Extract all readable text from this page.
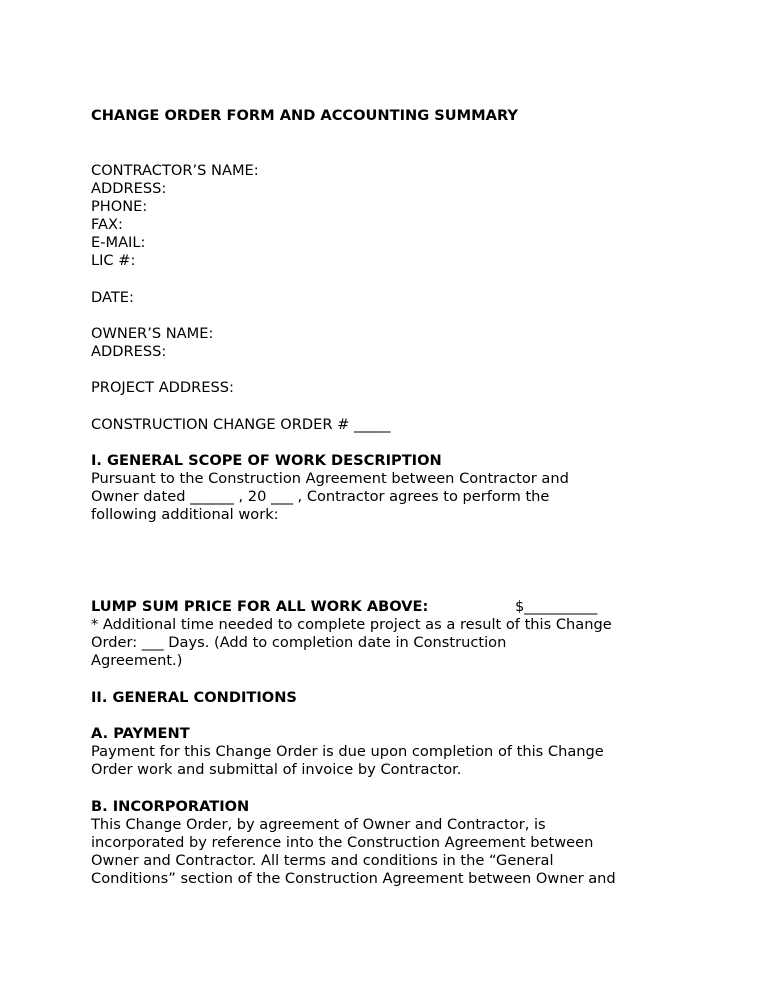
CHANGE ORDER FORM AND ACCOUNTING SUMMARY
CONTRACTOR’S NAME:
ADDRESS:
PHONE:
FAX:
E-MAIL:
LIC #:
DATE:
OWNER’S NAME:
ADDRESS:
PROJECT ADDRESS:
CONSTRUCTION CHANGE ORDER # _____
I. GENERAL SCOPE OF WORK DESCRIPTION
Pursuant to the Construction Agreement between Contractor and
Owner dated ______ , 20 ___ , Contractor agrees to perform the
following additional work:
LUMP SUM PRICE FOR ALL WORK ABOVE:	$__________
* Additional time needed to complete project as a result of this Change
Order: ___ Days. (Add to completion date in Construction
Agreement.)
II. GENERAL CONDITIONS
A. PAYMENT
Payment for this Change Order is due upon completion of this Change
Order work and submittal of invoice by Contractor.
B. INCORPORATION
This Change Order, by agreement of Owner and Contractor, is
incorporated by reference into the Construction Agreement between
Owner and Contractor. All terms and conditions in the “General
Conditions” section of the Construction Agreement between Owner and
